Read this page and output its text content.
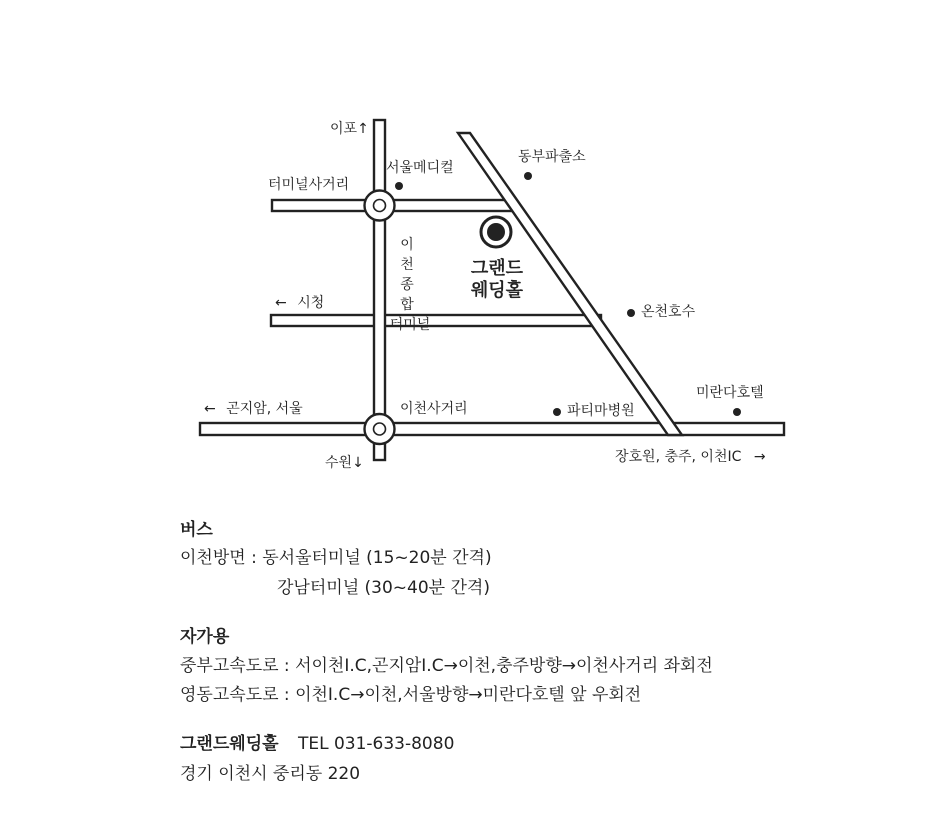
이포↑
터미널사거리
서울메디컬
동부파출소
이 천
종 합
터미널
그랜드
웨딩홀
← 시청
온천호수
미란다호텔
← 곤지암, 서울	이천사거리	파티마병원
수원↓	장호원, 충주, 이천IC →
버스
이천방면 : 동서울터미널 (15~20분 간격)
강남터미널 (30~40분 간격)
자가용
중부고속도로 : 서이천I.C,곤지암I.C→이천,충주방향→이천사거리 좌회전
영동고속도로 : 이천I.C→이천,서울방향→미란다호텔 앞 우회전
그랜드웨딩홀 TEL 031-633-8080
경기 이천시 중리동 220
